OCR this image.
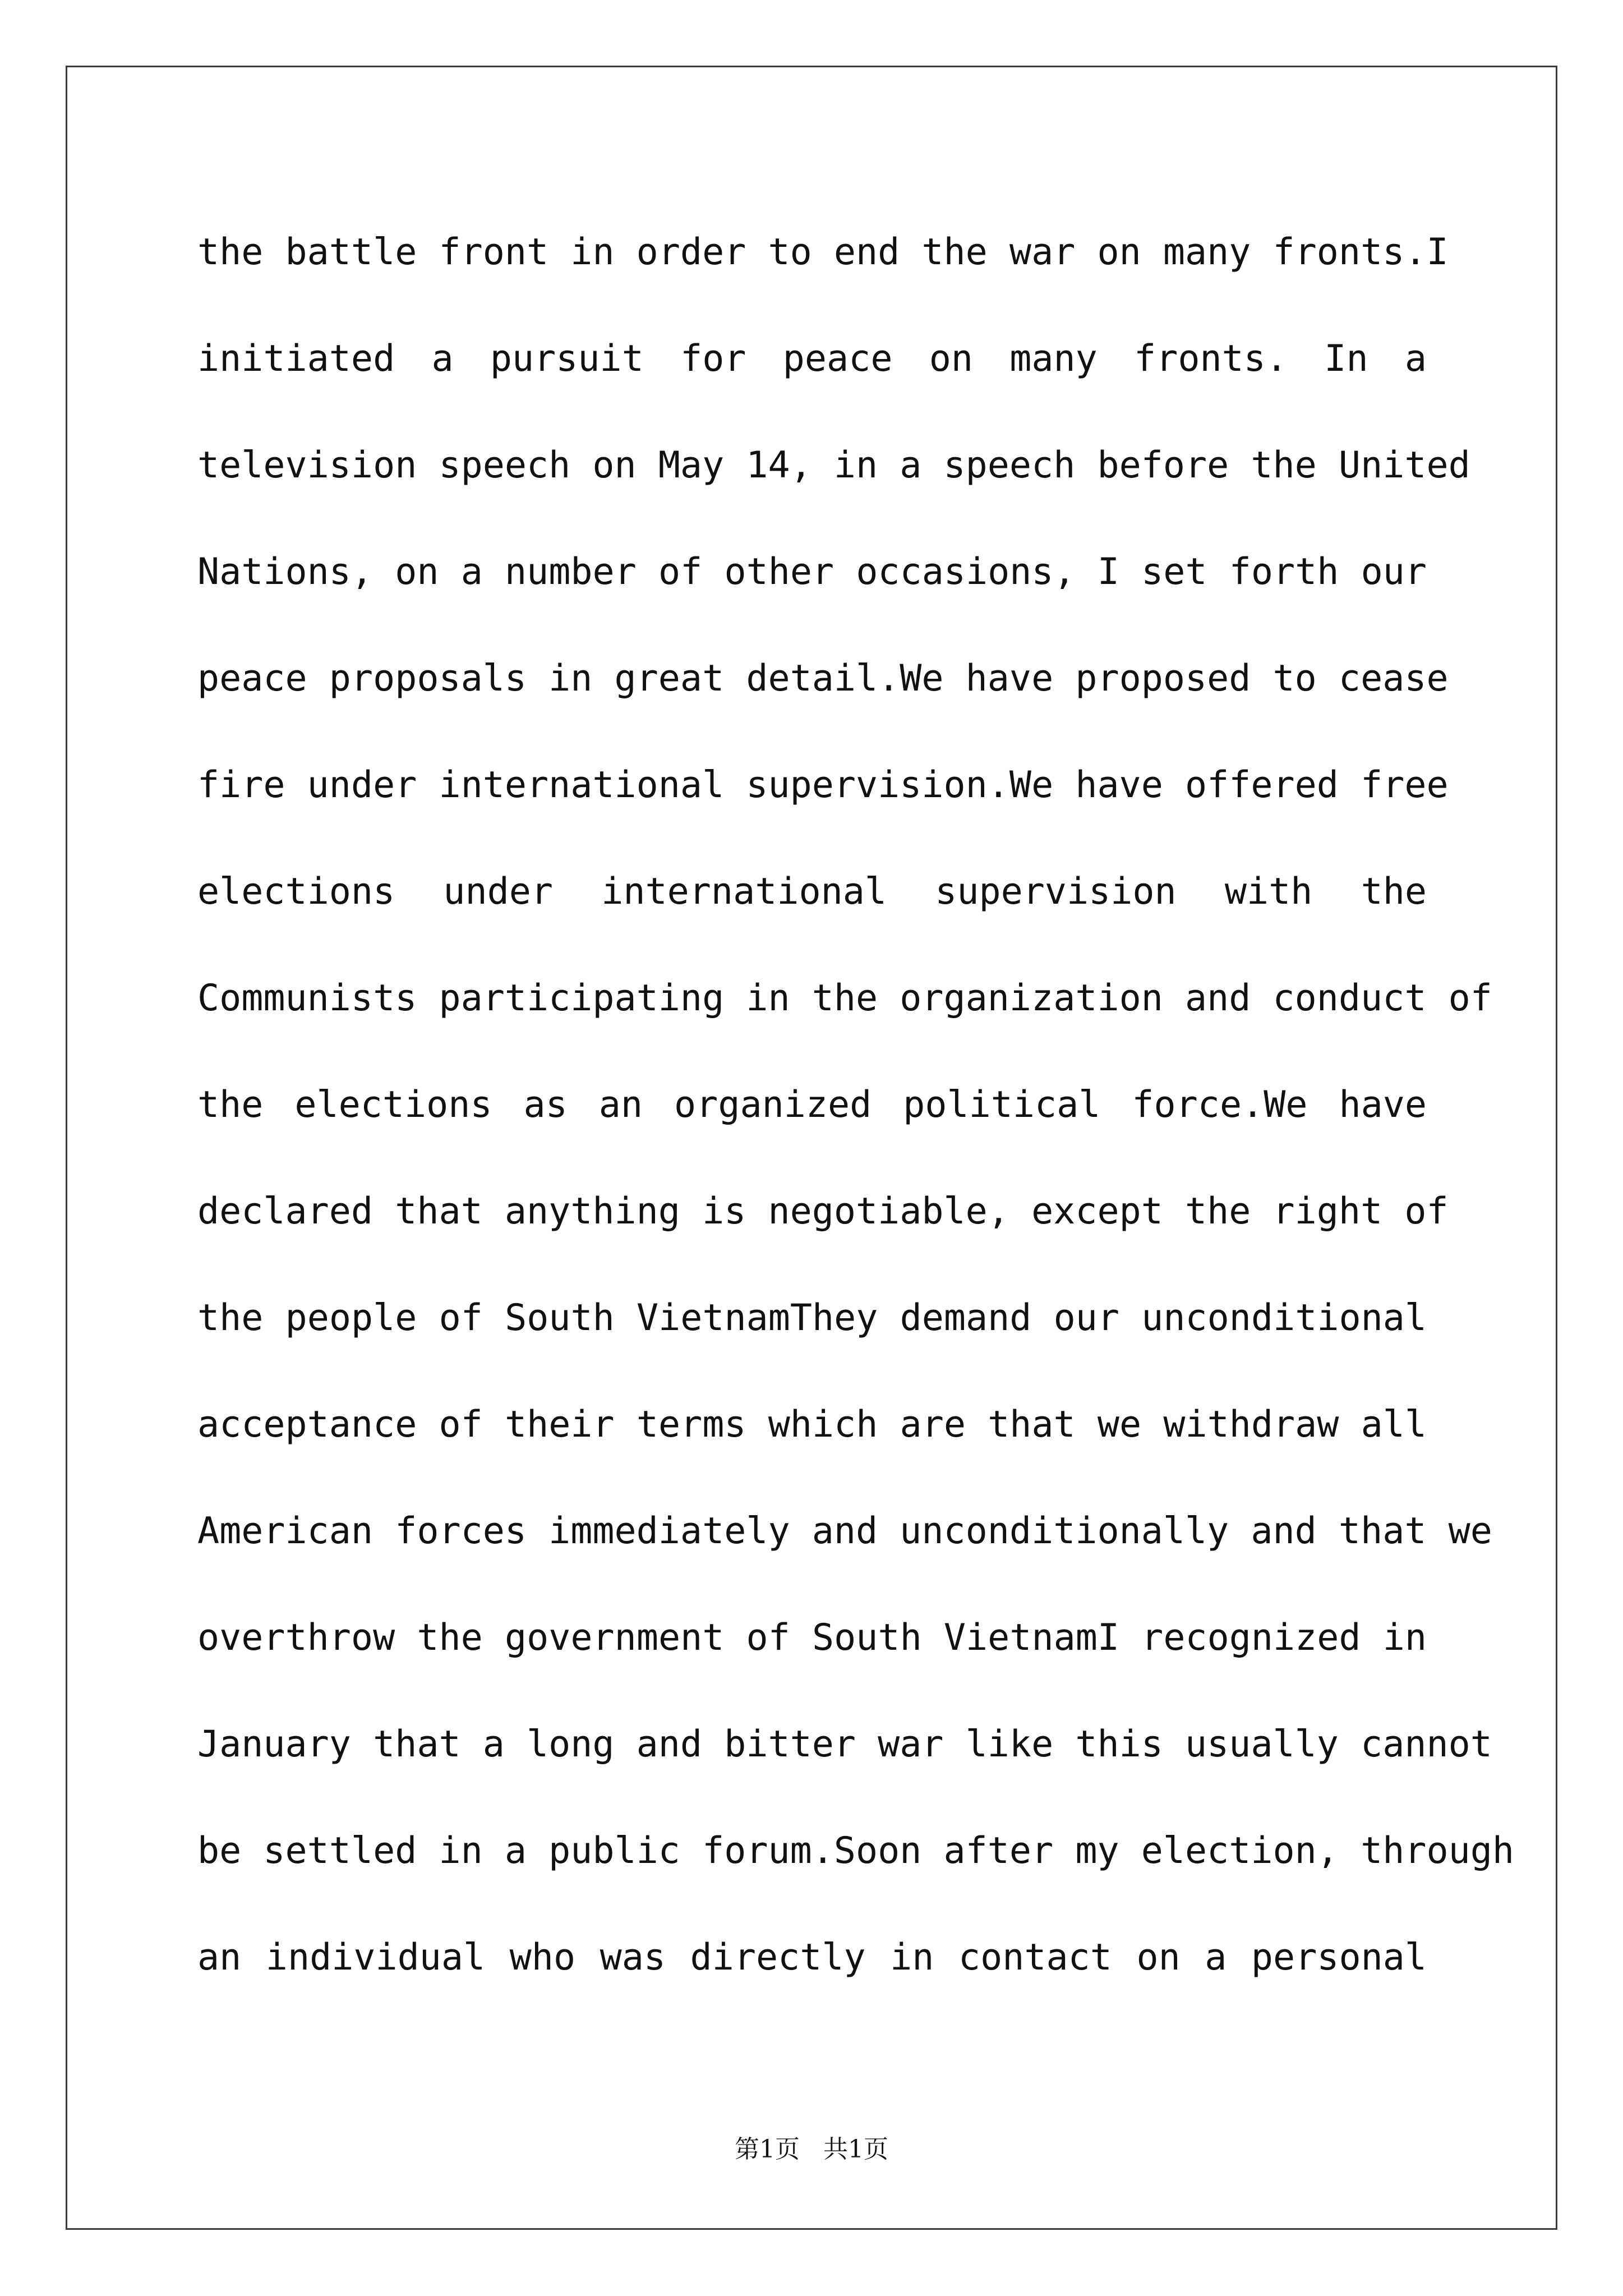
the battle front in order to end the war on many fronts.I
initiated a pursuit for peace on many fronts. In a
television speech on May 14, in a speech before the United
Nations, on a number of other occasions, I set forth our
peace proposals in great detail.We have proposed to cease
fire under international supervision.We have offered free
elections under international supervision with the
Communists participating in the organization and conduct of
the elections as an organized political force.We have
declared that anything is negotiable, except the right of
the people of South VietnamThey demand our unconditional
acceptance of their terms which are that we withdraw all
American forces immediately and unconditionally and that we
overthrow the government of South VietnamI recognized in
January that a long and bitter war like this usually cannot
be settled in a public forum.Soon after my election, through
an individual who was directly in contact on a personal
第1页   共1页
